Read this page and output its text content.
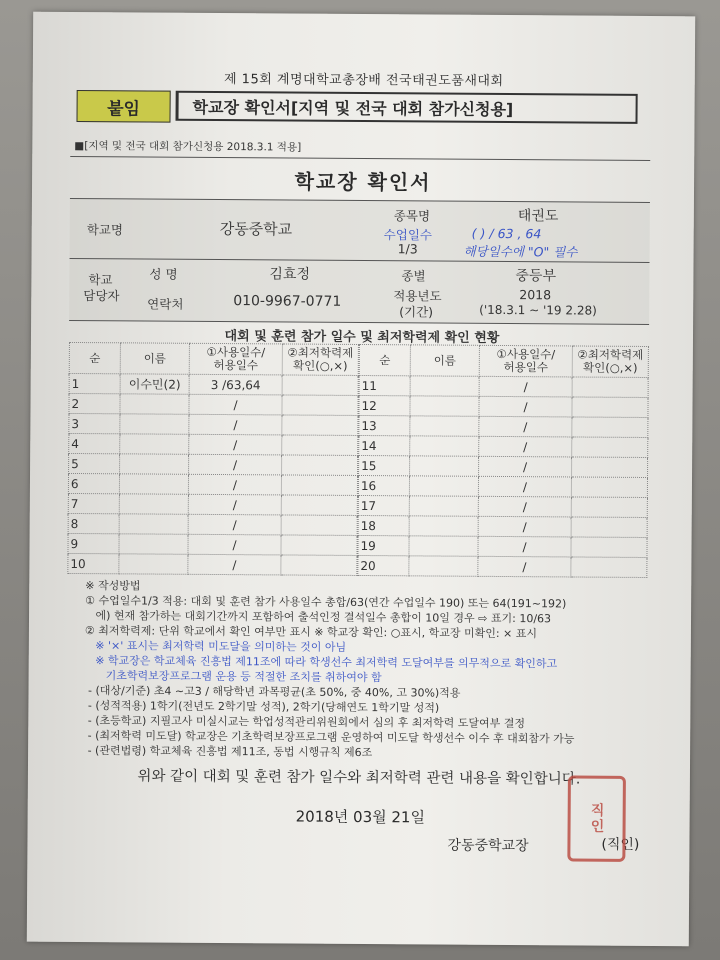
제 15회 계명대학교총장배 전국태권도품새대회
붙임	학교장 확인서[지역 및 전국 대회 참가신청용]
■[지역 및 전국 대회 참가신청용 2018.3.1 적용]
학교장 확인서
학교명	강동중학교
종목명	태권도
수업일수
1/3
( ) / 63 , 64
해당일수에 "O" 필수
학교
담당자
성 명	김효정	종별	중등부
연락처	010-9967-0771	적용년도
(기간)
2018
('18.3.1 ~ '19 2.28)
대회 및 훈련 참가 일수 및 최저학력제 확인 현황
순	이름	①사용일수/
허용일수	②최저학력제
확인(○,×)
1	이수민(2)	3 /63,64	
2		/	
3		/	
4		/	
5		/	
6		/	
7		/	
8		/	
9		/	
10		/	
순	이름	①사용일수/
허용일수	②최저학력제
확인(○,×)
11		/	
12		/	
13		/	
14		/	
15		/	
16		/	
17		/	
18		/	
19		/	
20		/	
※ 작성방법
① 수업일수1/3 적용: 대회 및 훈련 참가 사용일수 총합/63(연간 수업일수 190) 또는 64(191~192)
에) 현재 참가하는 대회기간까지 포함하여 출석인정 결석일수 총합이 10일 경우 ⇨ 표기: 10/63
② 최저학력제: 단위 학교에서 확인 여부만 표시 ※ 학교장 확인: ○표시, 학교장 미확인: × 표시
※ '×' 표시는 최저학력 미도달을 의미하는 것이 아님
※ 학교장은 학교체육 진흥법 제11조에 따라 학생선수 최저학력 도달여부를 의무적으로 확인하고
기초학력보장프로그램 운용 등 적절한 조치를 취하여야 함
- (대상/기준) 초4 ~고3 / 해당학년 과목평균(초 50%, 중 40%, 고 30%)적용
- (성적적용) 1학기(전년도 2학기말 성적), 2학기(당해연도 1학기말 성적)
- (초등학교) 지필고사 미실시교는 학업성적관리위원회에서 심의 후 최저학력 도달여부 결정
- (최저학력 미도달) 학교장은 기초학력보장프로그램 운영하여 미도달 학생선수 이수 후 대회참가 가능
- (관련법령) 학교체육 진흥법 제11조, 동법 시행규칙 제6조
위와 같이 대회 및 훈련 참가 일수와 최저학력 관련 내용을 확인합니다.
2018년 03월 21일
강동중학교장	(직인)
직인
